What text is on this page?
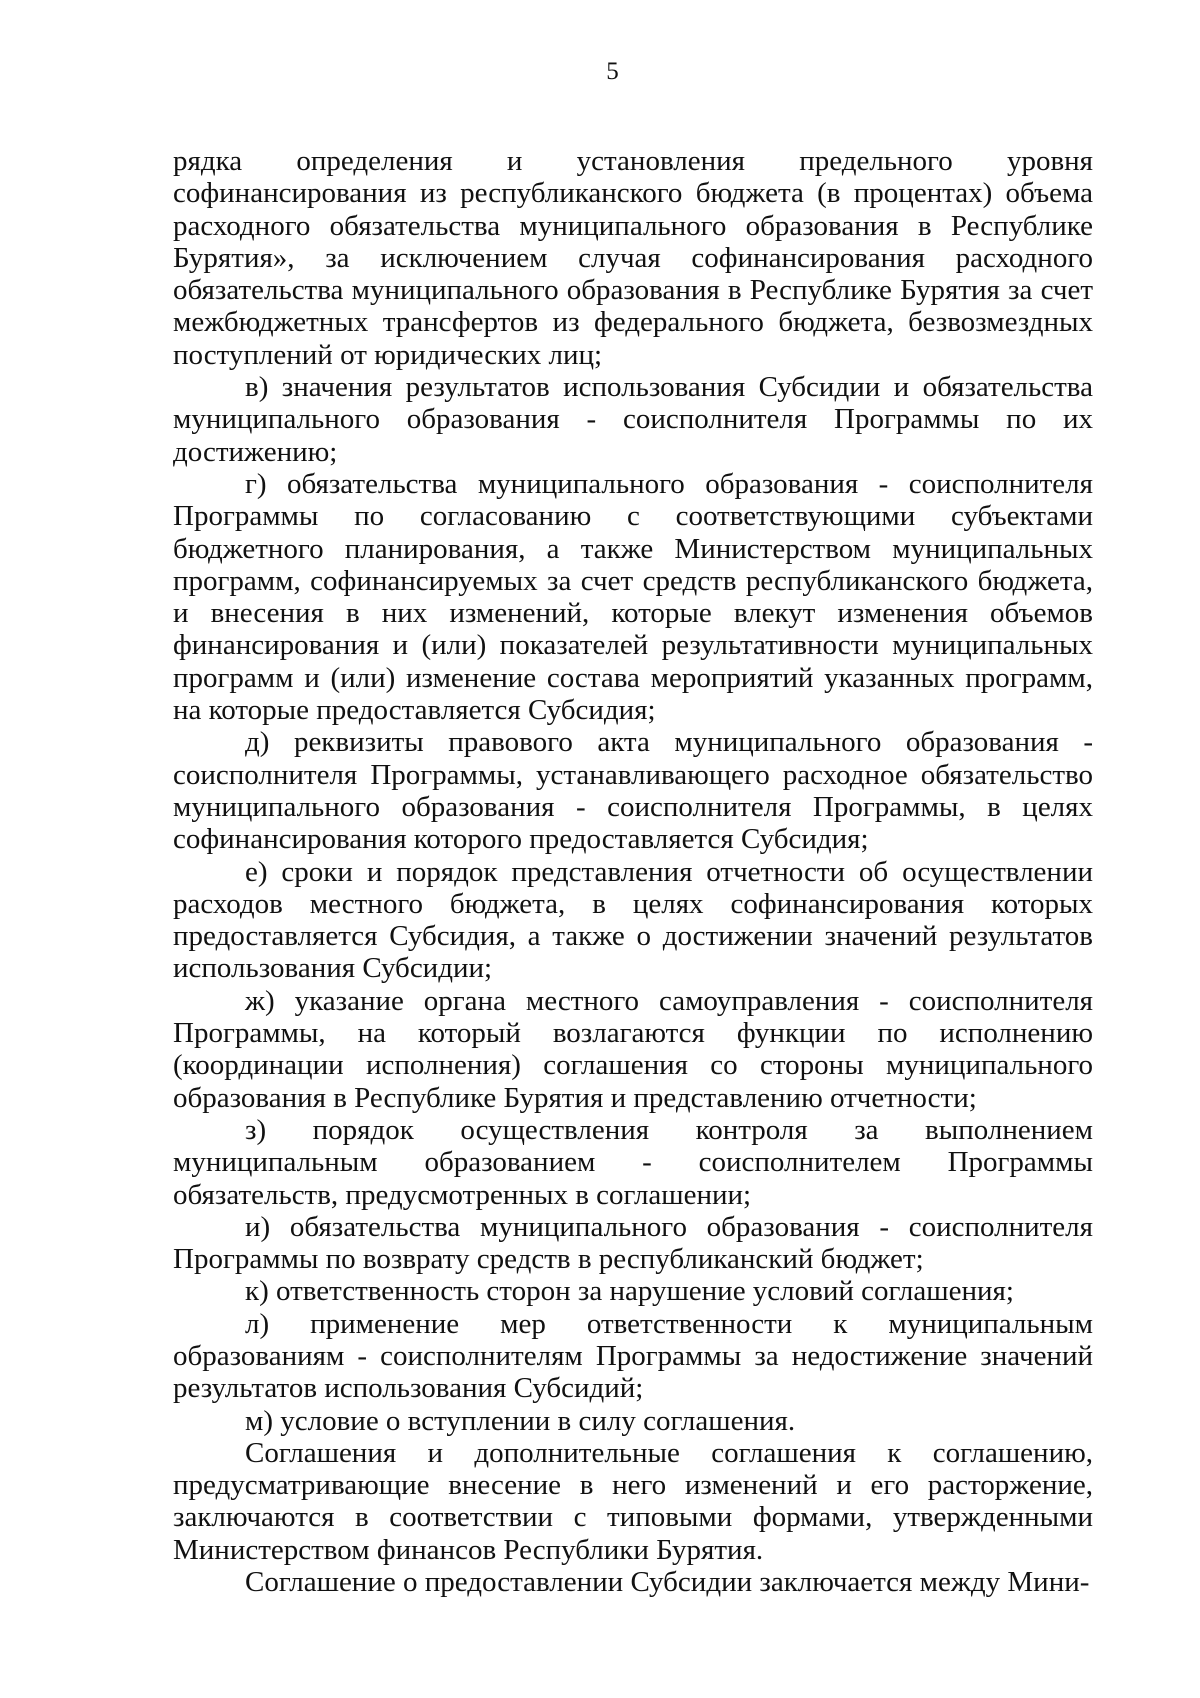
5

рядка определения и установления предельного уровня софинансирования из республиканского бюджета (в процентах) объема расходного обязательства муниципального образования в Республике Бурятия», за исключением случая софинансирования расходного обязательства муниципального образования в Республике Бурятия за счет межбюджетных трансфертов из федерального бюджета, безвозмездных поступлений от юридических лиц;

в) значения результатов использования Субсидии и обязательства муниципального образования - соисполнителя Программы по их достижению;

г) обязательства муниципального образования - соисполнителя Программы по согласованию с соответствующими субъектами бюджетного планирования, а также Министерством муниципальных программ, софинансируемых за счет средств республиканского бюджета, и внесения в них изменений, которые влекут изменения объемов финансирования и (или) показателей результативности муниципальных программ и (или) изменение состава мероприятий указанных программ, на которые предоставляется Субсидия;

д) реквизиты правового акта муниципального образования - соисполнителя Программы, устанавливающего расходное обязательство муниципального образования - соисполнителя Программы, в целях софинансирования которого предоставляется Субсидия;

е) сроки и порядок представления отчетности об осуществлении расходов местного бюджета, в целях софинансирования которых предоставляется Субсидия, а также о достижении значений результатов использования Субсидии;

ж) указание органа местного самоуправления - соисполнителя Программы, на который возлагаются функции по исполнению (координации исполнения) соглашения со стороны муниципального образования в Республике Бурятия и представлению отчетности;

з) порядок осуществления контроля за выполнением муниципальным образованием - соисполнителем Программы обязательств, предусмотренных в соглашении;

и) обязательства муниципального образования - соисполнителя Программы по возврату средств в республиканский бюджет;

к) ответственность сторон за нарушение условий соглашения;

л) применение мер ответственности к муниципальным образованиям - соисполнителям Программы за недостижение значений результатов использования Субсидий;

м) условие о вступлении в силу соглашения.

Соглашения и дополнительные соглашения к соглашению, предусматривающие внесение в него изменений и его расторжение, заключаются в соответствии с типовыми формами, утвержденными Министерством финансов Республики Бурятия.

Соглашение о предоставлении Субсидии заключается между Мини-
